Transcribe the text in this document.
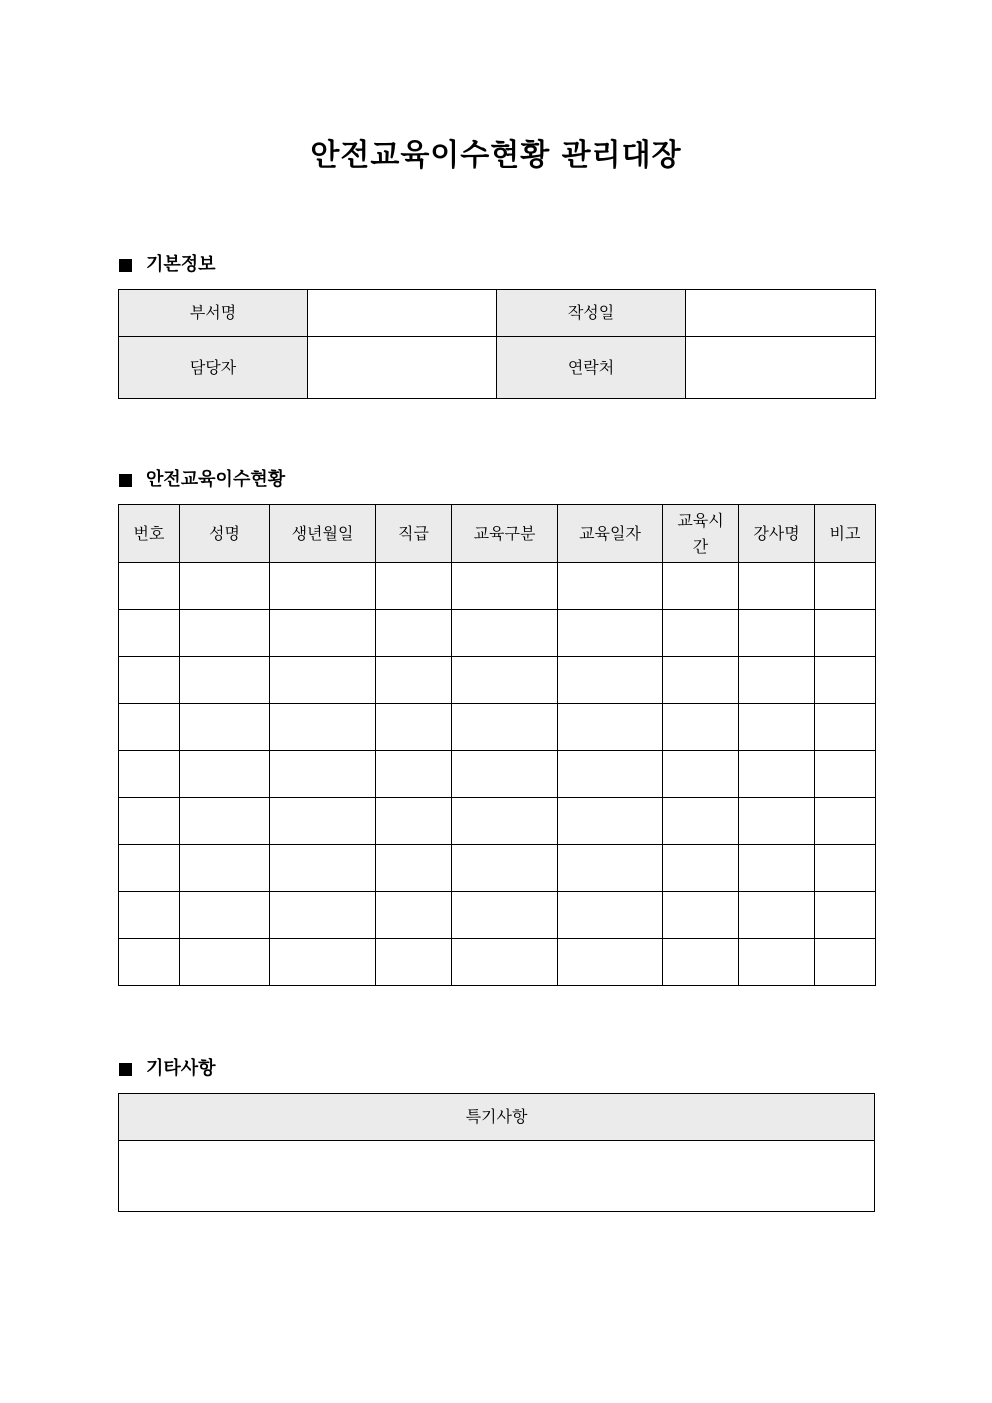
안전교육이수현황 관리대장
기본정보
부서명		작성일	
담당자		연락처	
안전교육이수현황
번호	성명	생년월일	직급	교육구분	교육일자	교육시간	강사명	비고

기타사항
특기사항
